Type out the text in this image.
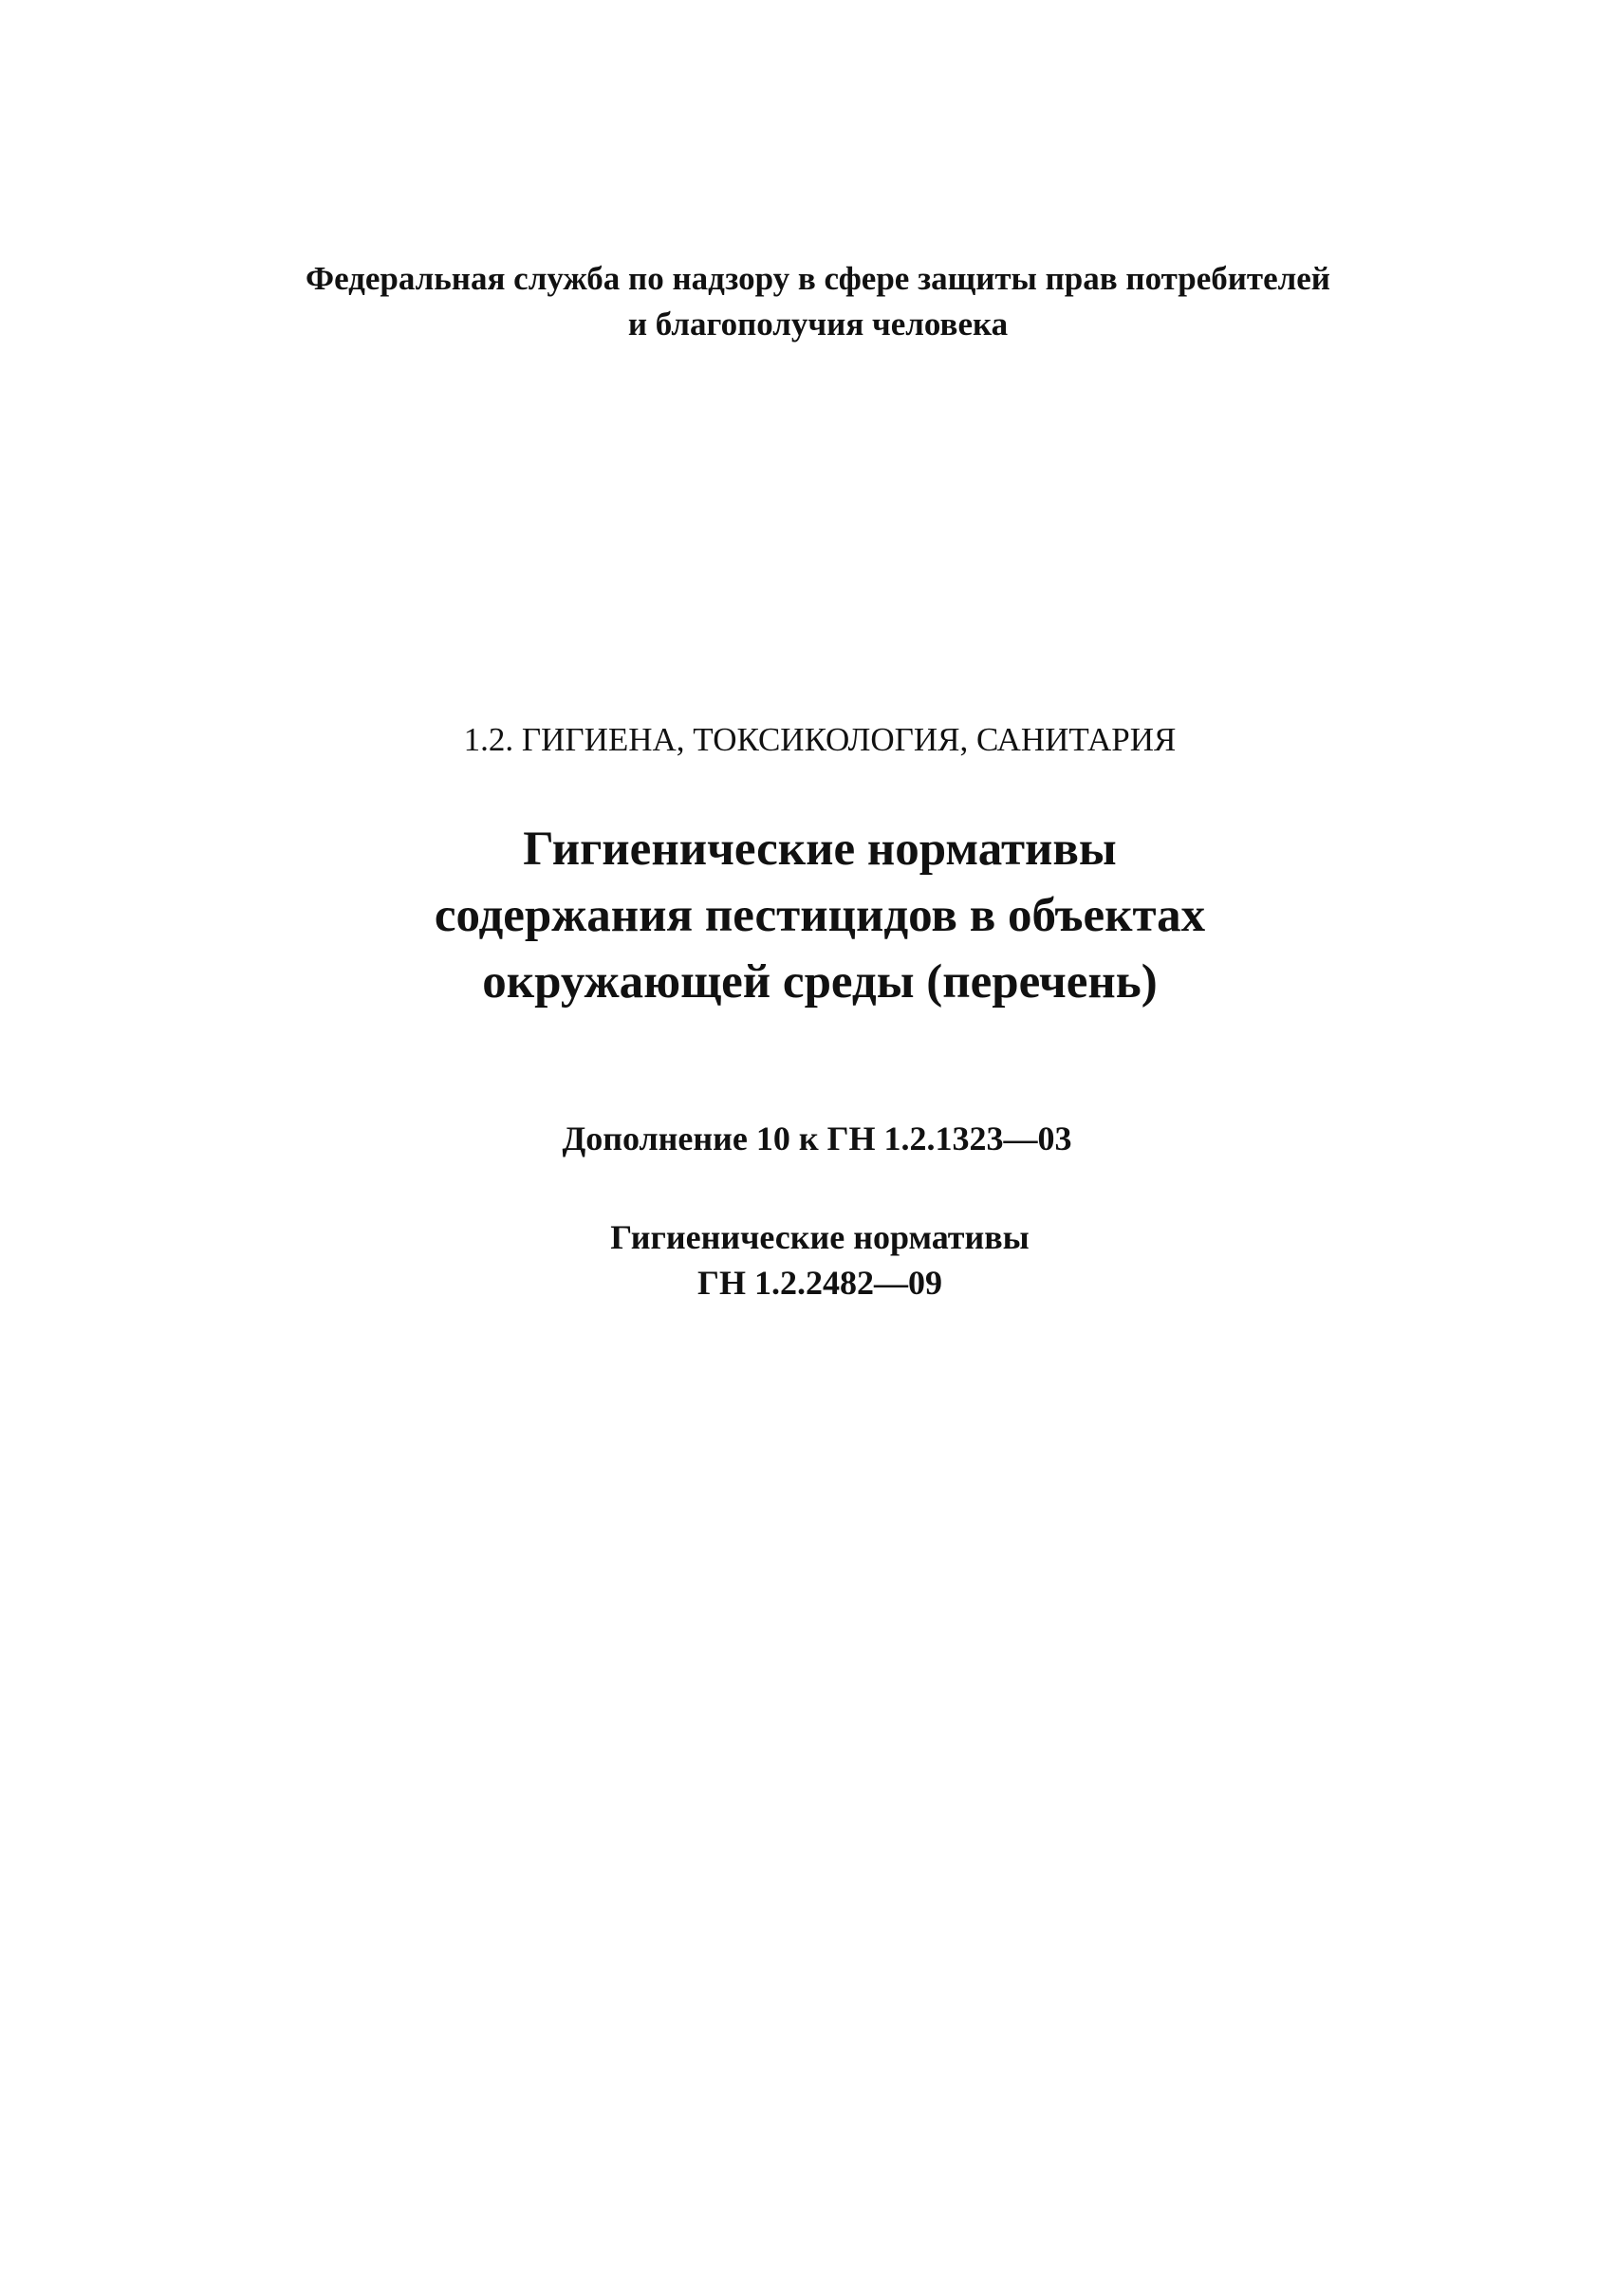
Федеральная служба по надзору в сфере защиты прав потребителей
и благополучия человека
1.2. ГИГИЕНА, ТОКСИКОЛОГИЯ, САНИТАРИЯ
Гигиенические нормативы
содержания пестицидов в объектах
окружающей среды (перечень)
Дополнение 10 к ГН 1.2.1323—03
Гигиенические нормативы
ГН 1.2.2482—09
